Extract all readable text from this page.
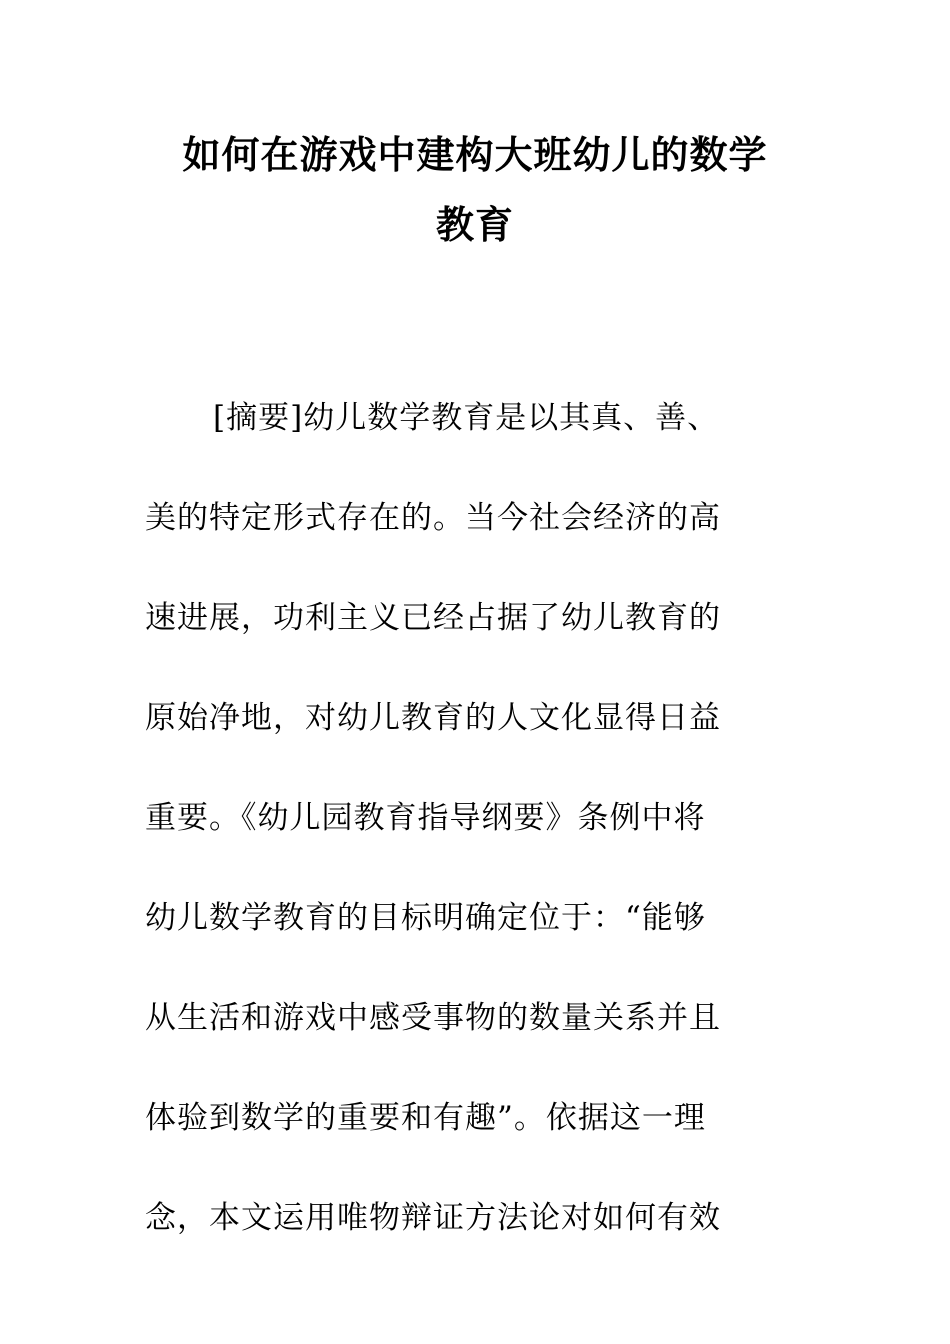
如何在游戏中建构大班幼儿的数学
教育
[摘要]幼儿数学教育是以其真、善、
美的特定形式存在的。当今社会经济的高
速进展，功利主义已经占据了幼儿教育的
原始净地，对幼儿教育的人文化显得日益
重要。《幼儿园教育指导纲要》条例中将
幼儿数学教育的目标明确定位于：“能够
从生活和游戏中感受事物的数量关系并且
体验到数学的重要和有趣”。依据这一理
念，本文运用唯物辩证方法论对如何有效
